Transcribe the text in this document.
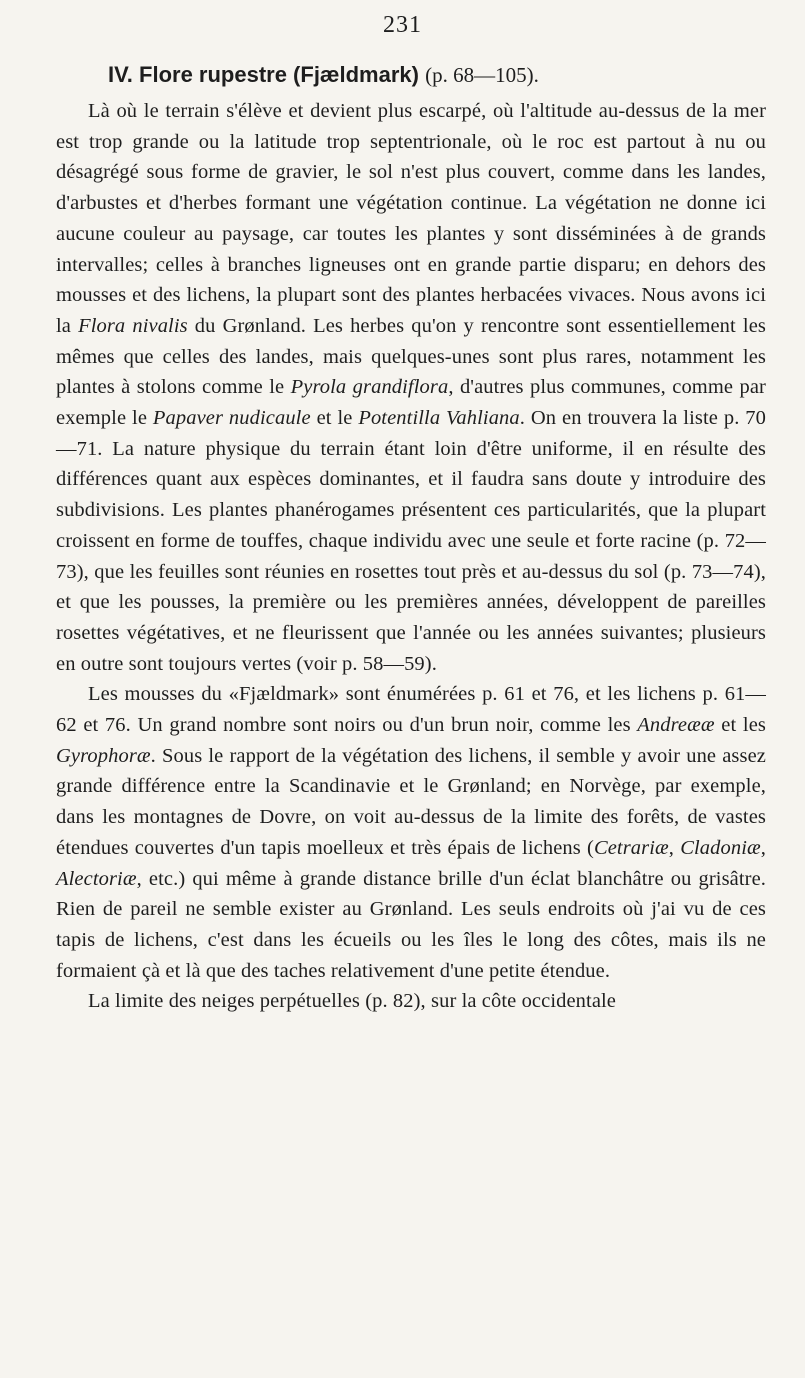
231
IV. Flore rupestre (Fjældmark) (p. 68—105).

Là où le terrain s'élève et devient plus escarpé, où l'altitude au-dessus de la mer est trop grande ou la latitude trop septentrionale, où le roc est partout à nu ou désagrégé sous forme de gravier, le sol n'est plus couvert, comme dans les landes, d'arbustes et d'herbes formant une végétation continue. La végétation ne donne ici aucune couleur au paysage, car toutes les plantes y sont disséminées à de grands intervalles; celles à branches ligneuses ont en grande partie disparu; en dehors des mousses et des lichens, la plupart sont des plantes herbacées vivaces. Nous avons ici la Flora nivalis du Grønland. Les herbes qu'on y rencontre sont essentiellement les mêmes que celles des landes, mais quelques-unes sont plus rares, notamment les plantes à stolons comme le Pyrola grandiflora, d'autres plus communes, comme par exemple le Papaver nudicaule et le Potentilla Vahliana. On en trouvera la liste p. 70—71. La nature physique du terrain étant loin d'être uniforme, il en résulte des différences quant aux espèces dominantes, et il faudra sans doute y introduire des subdivisions. Les plantes phanérogames présentent ces particularités, que la plupart croissent en forme de touffes, chaque individu avec une seule et forte racine (p. 72—73), que les feuilles sont réunies en rosettes tout près et au-dessus du sol (p. 73—74), et que les pousses, la première ou les premières années, développent de pareilles rosettes végétatives, et ne fleurissent que l'année ou les années suivantes; plusieurs en outre sont toujours vertes (voir p. 58—59).

Les mousses du «Fjældmark» sont énumérées p. 61 et 76, et les lichens p. 61—62 et 76. Un grand nombre sont noirs ou d'un brun noir, comme les Andreææ et les Gyrophoræ. Sous le rapport de la végétation des lichens, il semble y avoir une assez grande différence entre la Scandinavie et le Grønland; en Norvège, par exemple, dans les montagnes de Dovre, on voit au-dessus de la limite des forêts, de vastes étendues couvertes d'un tapis moelleux et très épais de lichens (Cetrariæ, Cladoniæ, Alectoriæ, etc.) qui même à grande distance brille d'un éclat blanchâtre ou grisâtre. Rien de pareil ne semble exister au Grønland. Les seuls endroits où j'ai vu de ces tapis de lichens, c'est dans les écueils ou les îles le long des côtes, mais ils ne formaient çà et là que des taches relativement d'une petite étendue.

La limite des neiges perpétuelles (p. 82), sur la côte occidentale
